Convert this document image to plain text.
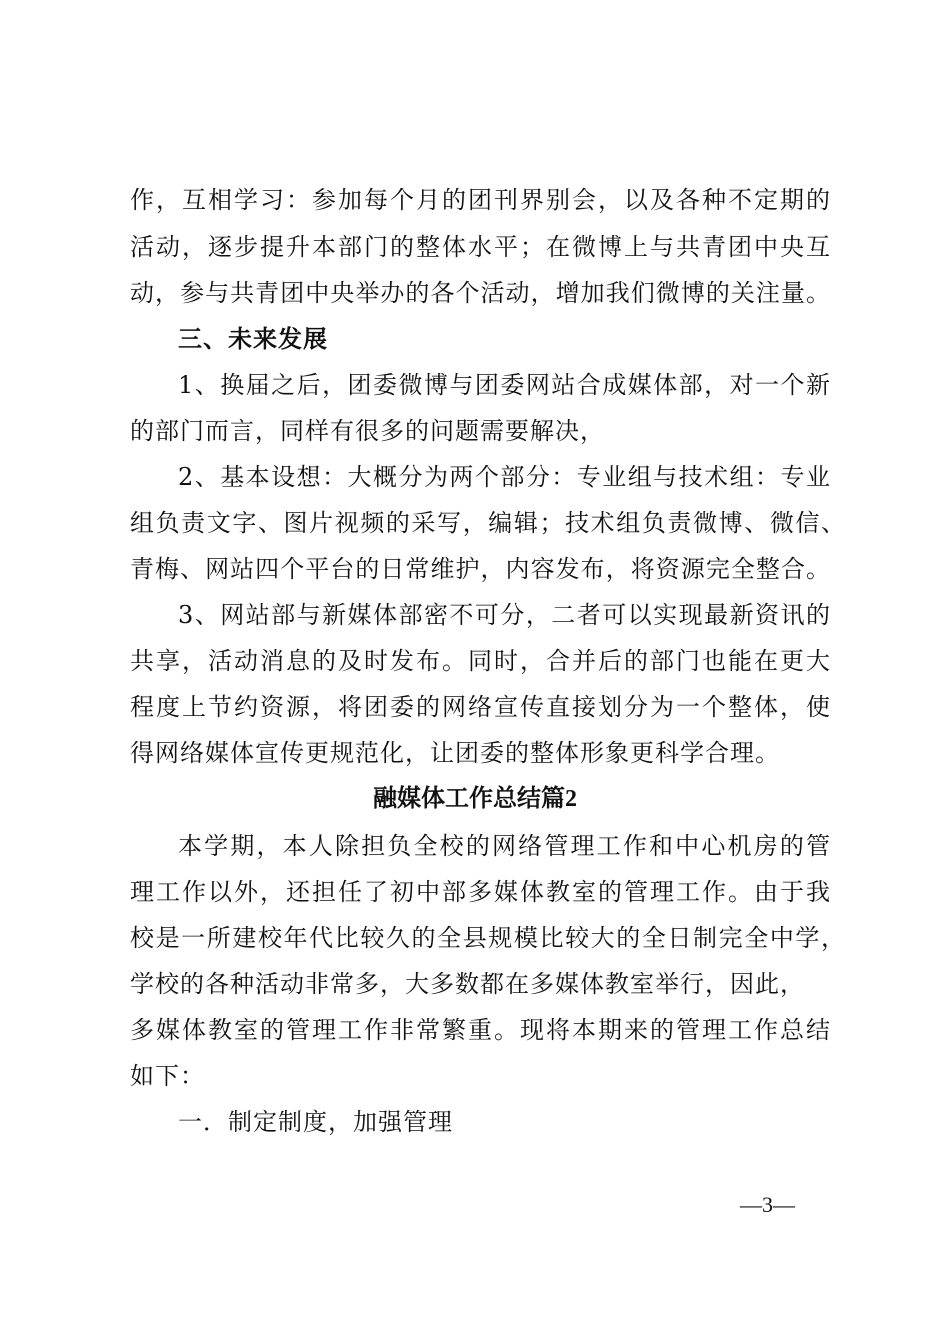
作，互相学习：参加每个月的团刊界别会，以及各种不定期的
活动，逐步提升本部门的整体水平；在微博上与共青团中央互
动，参与共青团中央举办的各个活动，增加我们微博的关注量。
三、未来发展
1、换届之后，团委微博与团委网站合成媒体部，对一个新
的部门而言，同样有很多的问题需要解决，
2、基本设想：大概分为两个部分：专业组与技术组：专业
组负责文字、图片视频的采写，编辑；技术组负责微博、微信、
青梅、网站四个平台的日常维护，内容发布，将资源完全整合。
3、网站部与新媒体部密不可分，二者可以实现最新资讯的
共享，活动消息的及时发布。同时，合并后的部门也能在更大
程度上节约资源，将团委的网络宣传直接划分为一个整体，使
得网络媒体宣传更规范化，让团委的整体形象更科学合理。
融媒体工作总结篇2
本学期，本人除担负全校的网络管理工作和中心机房的管
理工作以外，还担任了初中部多媒体教室的管理工作。由于我
校是一所建校年代比较久的全县规模比较大的全日制完全中学，
学校的各种活动非常多，大多数都在多媒体教室举行，因此，
多媒体教室的管理工作非常繁重。现将本期来的管理工作总结
如下：
一．制定制度，加强管理
—3—
